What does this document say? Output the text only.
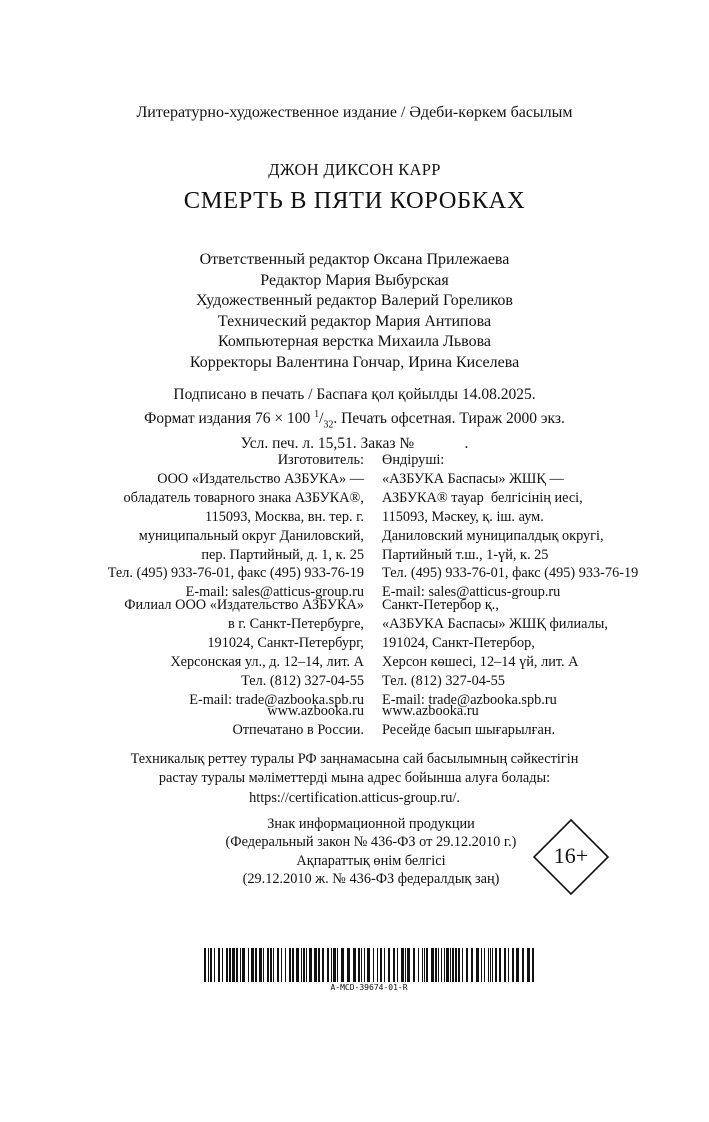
Литературно-художественное издание / Әдеби-көркем басылым
ДЖОН ДИКСОН КАРР
СМЕРТЬ В ПЯТИ КОРОБКАХ
Ответственный редактор Оксана Прилежаева
Редактор Мария Выбурская
Художественный редактор Валерий Гореликов
Технический редактор Мария Антипова
Компьютерная верстка Михаила Львова
Корректоры Валентина Гончар, Ирина Киселева
Подписано в печать / Баспаға қол қойылды 14.08.2025.
Формат издания 76 × 100 $^1/_{32}$. Печать офсетная. Тираж 2000 экз.
Усл. печ. л. 15,51. Заказ №             .
Изготовитель:
ООО «Издательство АЗБУКА» —
обладатель товарного знака АЗБУКА®,
115093, Москва, вн. тер. г.
муниципальный округ Даниловский,
пер. Партийный, д. 1, к. 25
Тел. (495) 933-76-01, факс (495) 933-76-19
E-mail: sales@atticus-group.ru
Өндіруші:
«АЗБУКА Баспасы» ЖШҚ —
АЗБУКА® тауар  белгісінің иесі,
115093, Мәскеу, қ. іш. аум.
Даниловский муниципалдық округі,
Партийный т.ш., 1-үй, к. 25
Тел. (495) 933-76-01, факс (495) 933-76-19
E-mail: sales@atticus-group.ru
Филиал ООО «Издательство АЗБУКА»
в г. Санкт-Петербурге,
191024, Санкт-Петербург,
Херсонская ул., д. 12–14, лит. А
Тел. (812) 327-04-55
E-mail: trade@azbooka.spb.ru
Санкт-Петербор қ.,
«АЗБУКА Баспасы» ЖШҚ филиалы,
191024, Санкт-Петербор,
Херсон көшесі, 12–14 үй, лит. А
Тел. (812) 327-04-55
E-mail: trade@azbooka.spb.ru
www.azbooka.ru
Отпечатано в России.
www.azbooka.ru
Ресейде басып шығарылған.
Техникалық реттеу туралы РФ заңнамасына сай басылымның сәйкестігін
растау туралы мәліметтерді мына адрес бойынша алуға болады:
https://certification.atticus-group.ru/.
Знак информационной продукции
(Федеральный закон № 436-ФЗ от 29.12.2010 г.)
Ақпараттық өнім белгісі
(29.12.2010 ж. № 436-ФЗ федералдық заң)
16+
A-MCD-39674-01-R
